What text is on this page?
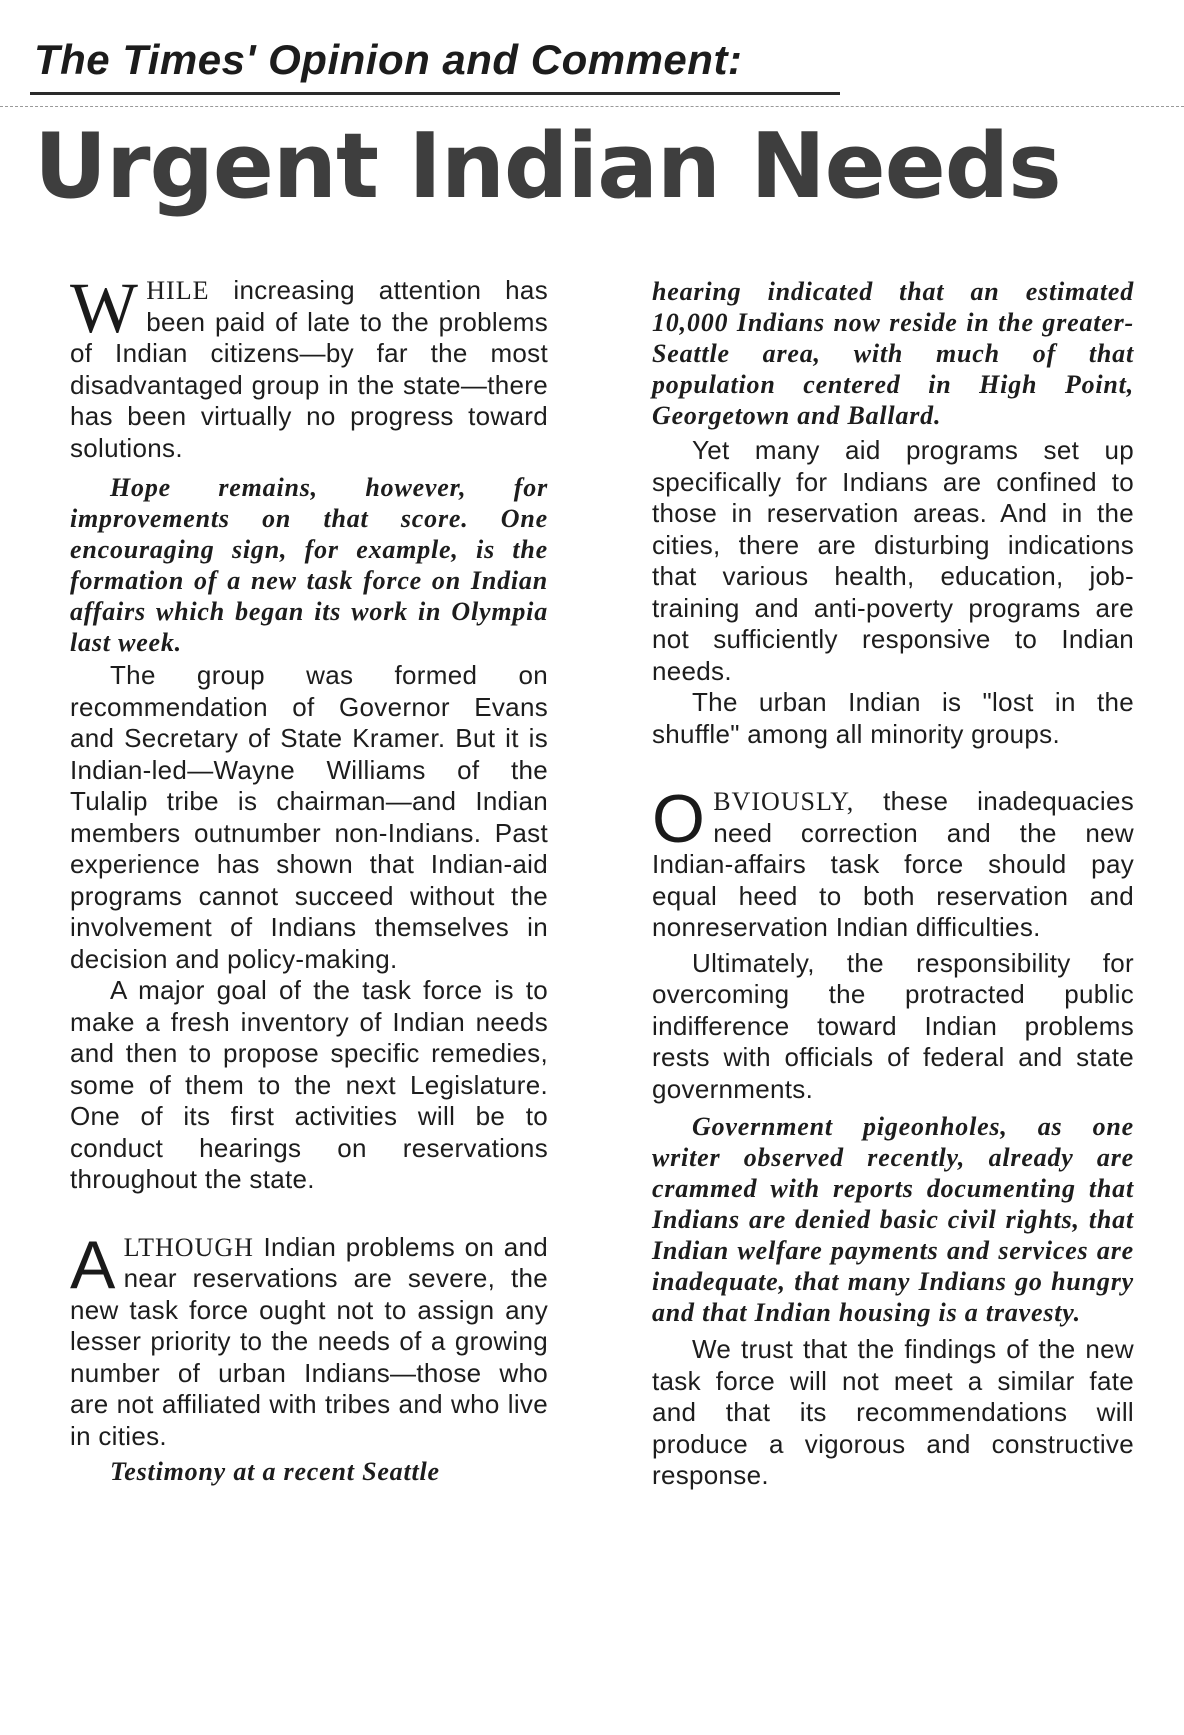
The Times' Opinion and Comment:
Urgent Indian Needs

WHILE increasing attention has been paid of late to the problems of Indian citizens—by far the most disadvantaged group in the state—there has been virtually no progress toward solutions.

Hope remains, however, for improvements on that score. One encouraging sign, for example, is the formation of a new task force on Indian affairs which began its work in Olympia last week.

The group was formed on recommendation of Governor Evans and Secretary of State Kramer. But it is Indian-led—Wayne Williams of the Tulalip tribe is chairman—and Indian members outnumber non-Indians. Past experience has shown that Indian-aid programs cannot succeed without the involvement of Indians themselves in decision and policy-making.

A major goal of the task force is to make a fresh inventory of Indian needs and then to propose specific remedies, some of them to the next Legislature. One of its first activities will be to conduct hearings on reservations throughout the state.

ALTHOUGH Indian problems on and near reservations are severe, the new task force ought not to assign any lesser priority to the needs of a growing number of urban Indians—those who are not affiliated with tribes and who live in cities.

Testimony at a recent Seattle

hearing indicated that an estimated 10,000 Indians now reside in the greater-Seattle area, with much of that population centered in High Point, Georgetown and Ballard.

Yet many aid programs set up specifically for Indians are confined to those in reservation areas. And in the cities, there are disturbing indications that various health, education, job-training and anti-poverty programs are not sufficiently responsive to Indian needs.

The urban Indian is "lost in the shuffle" among all minority groups.

OBVIOUSLY, these inadequacies need correction and the new Indian-affairs task force should pay equal heed to both reservation and nonreservation Indian difficulties.

Ultimately, the responsibility for overcoming the protracted public indifference toward Indian problems rests with officials of federal and state governments.

Government pigeonholes, as one writer observed recently, already are crammed with reports documenting that Indians are denied basic civil rights, that Indian welfare payments and services are inadequate, that many Indians go hungry and that Indian housing is a travesty.

We trust that the findings of the new task force will not meet a similar fate and that its recommendations will produce a vigorous and constructive response.
